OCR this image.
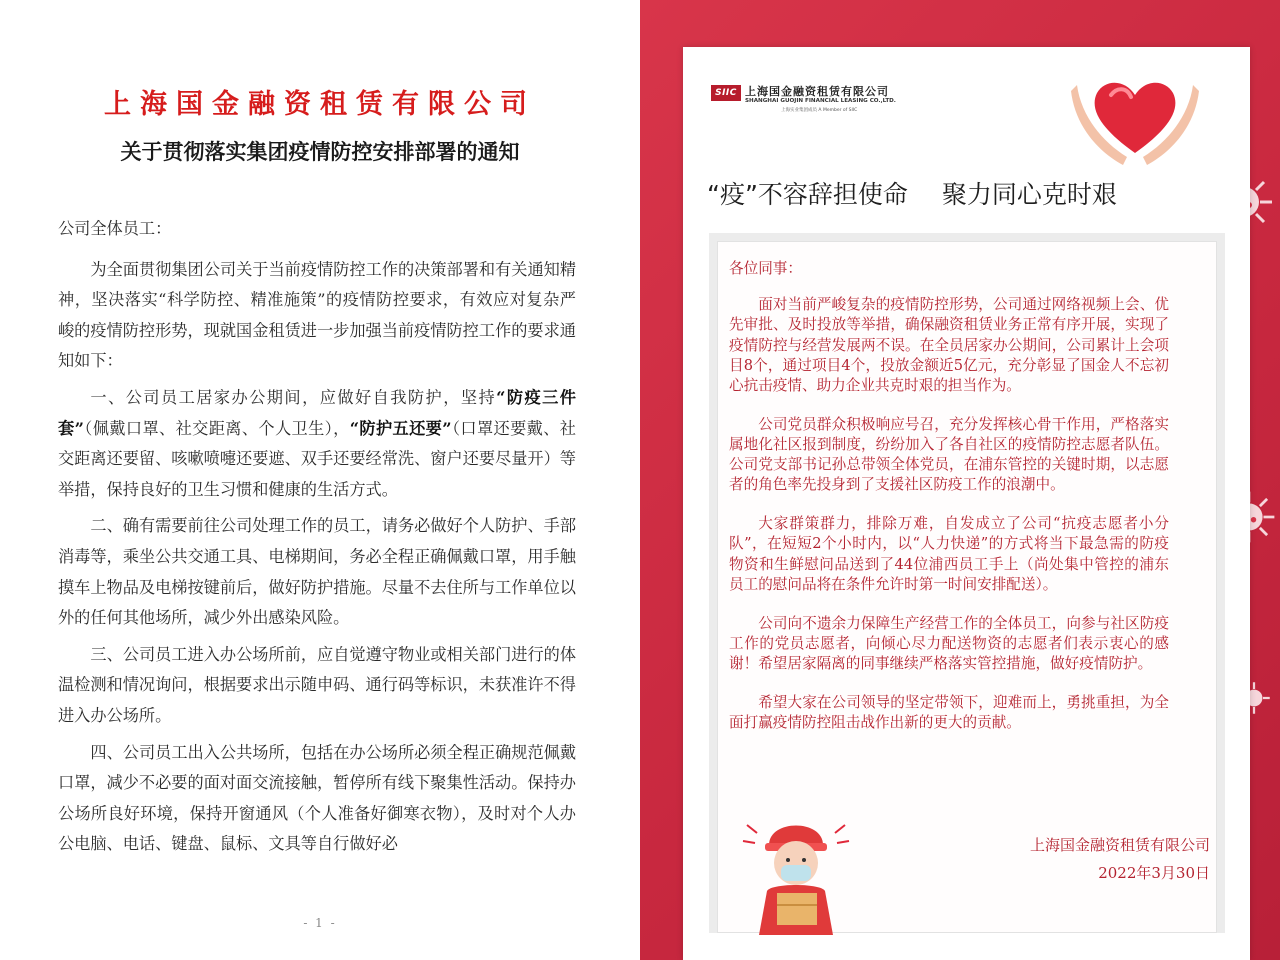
上海国金融资租赁有限公司
关于贯彻落实集团疫情防控安排部署的通知

公司全体员工：

为全面贯彻集团公司关于当前疫情防控工作的决策部署和有关通知精神，坚决落实“科学防控、精准施策”的疫情防控要求，有效应对复杂严峻的疫情防控形势，现就国金租赁进一步加强当前疫情防控工作的要求通知如下：

一、公司员工居家办公期间，应做好自我防护，坚持“防疫三件套”（佩戴口罩、社交距离、个人卫生），“防护五还要”（口罩还要戴、社交距离还要留、咳嗽喷嚏还要遮、双手还要经常洗、窗户还要尽量开）等举措，保持良好的卫生习惯和健康的生活方式。

二、确有需要前往公司处理工作的员工，请务必做好个人防护、手部消毒等，乘坐公共交通工具、电梯期间，务必全程正确佩戴口罩，用手触摸车上物品及电梯按键前后，做好防护措施。尽量不去住所与工作单位以外的任何其他场所，减少外出感染风险。

三、公司员工进入办公场所前，应自觉遵守物业或相关部门进行的体温检测和情况询问，根据要求出示随申码、通行码等标识，未获准许不得进入办公场所。

四、公司员工出入公共场所，包括在办公场所必须全程正确规范佩戴口罩，减少不必要的面对面交流接触，暂停所有线下聚集性活动。保持办公场所良好环境，保持开窗通风（个人准备好御寒衣物），及时对个人办公电脑、电话、键盘、鼠标、文具等自行做好必

- 1 -
SIIC 上海国金融资租赁有限公司
SHANGHAI GUOJIN FINANCIAL LEASING CO.,LTD.
上海实业集团成员 A Member of SIIC
“疫”不容辞担使命 聚力同心克时艰

各位同事：

面对当前严峻复杂的疫情防控形势，公司通过网络视频上会、优先审批、及时投放等举措，确保融资租赁业务正常有序开展，实现了疫情防控与经营发展两不误。在全员居家办公期间，公司累计上会项目8个，通过项目4个，投放金额近5亿元，充分彰显了国金人不忘初心抗击疫情、助力企业共克时艰的担当作为。

公司党员群众积极响应号召，充分发挥核心骨干作用，严格落实属地化社区报到制度，纷纷加入了各自社区的疫情防控志愿者队伍。公司党支部书记孙总带领全体党员，在浦东管控的关键时期，以志愿者的角色率先投身到了支援社区防疫工作的浪潮中。

大家群策群力，排除万难，自发成立了公司“抗疫志愿者小分队”，在短短2个小时内，以“人力快递”的方式将当下最急需的防疫物资和生鲜慰问品送到了44位浦西员工手上（尚处集中管控的浦东员工的慰问品将在条件允许时第一时间安排配送）。

公司向不遗余力保障生产经营工作的全体员工，向参与社区防疫工作的党员志愿者，向倾心尽力配送物资的志愿者们表示衷心的感谢！希望居家隔离的同事继续严格落实管控措施，做好疫情防护。

希望大家在公司领导的坚定带领下，迎难而上，勇挑重担，为全面打赢疫情防控阻击战作出新的更大的贡献。

上海国金融资租赁有限公司
2022年3月30日
